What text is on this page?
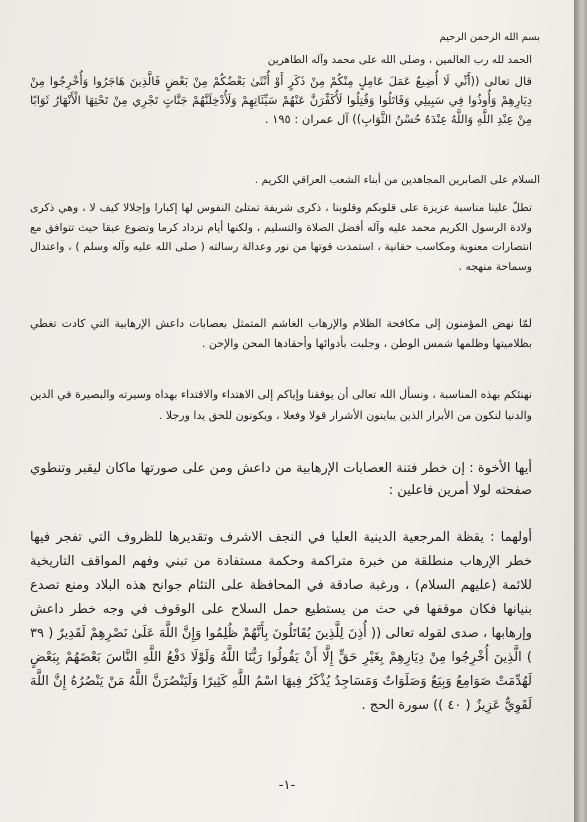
بسم الله الرحمن الرحيم
الحمد لله رب العالمين ، وصلى الله على محمد وآله الطاهرين
قال تعالى ((أَنِّي لَا أُضِيعُ عَمَلَ عَامِلٍ مِنْكُمْ مِنْ ذَكَرٍ أَوْ أُنْثَىٰ بَعْضُكُمْ مِنْ بَعْضٍ فَالَّذِينَ هَاجَرُوا وَأُخْرِجُوا مِنْ دِيَارِهِمْ وَأُوذُوا فِي سَبِيلِي وَقَاتَلُوا وَقُتِلُوا لَأُكَفِّرَنَّ عَنْهُمْ سَيِّئَاتِهِمْ وَلَأُدْخِلَنَّهُمْ جَنَّاتٍ تَجْرِي مِنْ تَحْتِهَا الْأَنْهَارُ ثَوَابًا مِنْ عِنْدِ اللَّهِ وَاللَّهُ عِنْدَهُ حُسْنُ الثَّوَابِ)) آل عمران : ١٩٥ .
السلام على الصابرين المجاهدين من أبناء الشعب العراقي الكريم .
تطلّ علينا مناسبة عزيزة على قلوبكم وقلوبنا ، ذكرى شريفة تمتلئ النفوس لها إكبارا وإجلالا كيف لا ، وهي ذكرى ولادة الرسول الكريم محمد عليه وآله أفضل الصلاة والتسليم ، ولكنها أيام تزداد كرما وتضوع عبقا حيث تتوافق مع انتصارات معنوية ومكاسب حقانية ، استمدت قوتها من نور وعدالة رسالته ( صلى الله عليه وآله وسلم ) ، واعتدال وسماحة منهجه .
لمّا نهض المؤمنون إلى مكافحة الظلام والإرهاب الغاشم المتمثل بعصابات داعش الإرهابية التي كادت تغطي بظلاميتها وظلمها شمس الوطن ، وجلبت بأدوائها وأحقادها المحن والإحن .
نهنئكم بهذه المناسبة ، ونسأل الله تعالى أن يوفقنا وإياكم إلى الاهتداء والاقتداء بهداه وسيرته والبصيرة في الدين والدنيا لنكون من الأبرار الذين يباينون الأشرار قولا وفعلا ، ويكونون للحق يدا ورجلا .
أيها الأخوة : إن خطر فتنة العصابات الإرهابية من داعش ومن على صورتها ماكان ليقبر وتنطوي صفحته لولا أمرين فاعلين :
أولهما : يقظة المرجعية الدينية العليا في النجف الاشرف وتقديرها للظروف التي تفجر فيها خطر الإرهاب منطلقة من خبرة متراكمة وحكمة مستفادة من تبني وفهم المواقف التاريخية للائمة (عليهم السلام) ، ورغبة صادقة في المحافظة على التئام جوانح هذه البلاد ومنع تصدع بنيانها فكان موقفها في حث من يستطيع حمل السلاح على الوقوف في وجه خطر داعش وإرهابها ، صدى لقوله تعالى (( أُذِنَ لِلَّذِينَ يُقَاتَلُونَ بِأَنَّهُمْ ظُلِمُوا وَإِنَّ اللَّهَ عَلَىٰ نَصْرِهِمْ لَقَدِيرٌ ( ٣٩ ) الَّذِينَ أُخْرِجُوا مِنْ دِيَارِهِمْ بِغَيْرِ حَقٍّ إِلَّا أَنْ يَقُولُوا رَبُّنَا اللَّهُ وَلَوْلَا دَفْعُ اللَّهِ النَّاسَ بَعْضَهُمْ بِبَعْضٍ لَهُدِّمَتْ صَوَامِعُ وَبِيَعٌ وَصَلَوَاتٌ وَمَسَاجِدُ يُذْكَرُ فِيهَا اسْمُ اللَّهِ كَثِيرًا وَلَيَنْصُرَنَّ اللَّهُ مَنْ يَنْصُرُهُ إِنَّ اللَّهَ لَقَوِيٌّ عَزِيزٌ ( ٤٠ )) سورة الحج .
-١-
